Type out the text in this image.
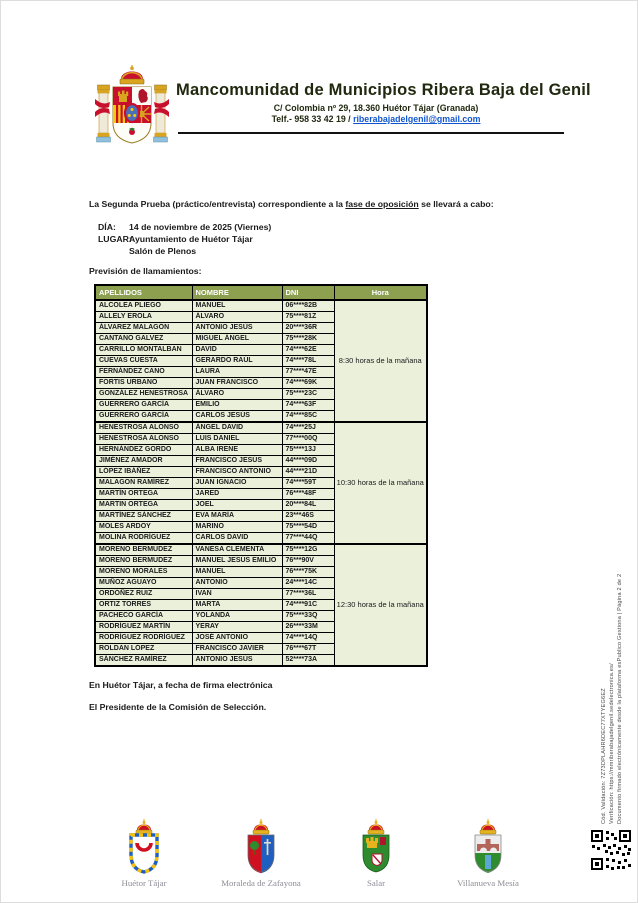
Mancomunidad de Municipios Ribera Baja del Genil
C/ Colombia nº 29, 18.360 Huétor Tájar (Granada)
Telf.- 958 33 42 19 / riberabajadelgenil@gmail.com
La Segunda Prueba (práctico/entrevista) correspondiente a la fase de oposición se llevará a cabo:
DÍA: 14 de noviembre de 2025 (Viernes)
LUGAR:
Ayuntamiento de Huétor Tájar
Salón de Plenos
Previsión de llamamientos:
APELLIDOS	NOMBRE	DNI	Hora
ALCOLEA PLIEGO	MANUEL	06****82B	8:30 horas de la mañana
ALLELY EROLA	ÁLVARO	75****81Z	
ÁLVAREZ MALAGÓN	ANTONIO JESÚS	20****36R	
CANTANO GALVEZ	MIGUEL ÁNGEL	75****28K	
CARRILLO MONTALBAN	DAVID	74****62E	
CUEVAS CUESTA	GERARDO RAÚL	74****78L	
FERNÁNDEZ CANO	LAURA	77****47E	
FORTIS URBANO	JUAN FRANCISCO	74****69K	
GONZÁLEZ HENESTROSA	ÁLVARO	75****23C	
GUERRERO GARCÍA	EMILIO	74****63F	
GUERRERO GARCÍA	CARLOS JESÚS	74****85C	
HENESTROSA ALONSO	ÁNGEL DAVID	74****25J	10:30 horas de la mañana
HENESTROSA ALONSO	LUIS DANIEL	77****00Q	
HERNÁNDEZ GORDO	ALBA IRENE	75****13J	
JIMÉNEZ AMADOR	FRANCISCO JESÚS	44****09D	
LÓPEZ IBÁÑEZ	FRANCISCO ANTONIO	44****21D	
MALAGON RAMÍREZ	JUAN IGNACIO	74****59T	
MARTÍN ORTEGA	JARED	76****48F	
MARTIN ORTEGA	JOEL	20****84L	
MARTÍNEZ SÁNCHEZ	EVA MARÍA	23***46S	
MOLES ARDOY	MARINO	75****54D	
MOLINA RODRÍGUEZ	CARLOS DAVID	77****44Q	
MORENO BERMUDEZ	VANESA CLEMENTA	75****12G	12:30 horas de la mañana
MORENO BERMUDEZ	MANUEL JESÚS EMILIO	76***90V	
MORENO MORALES	MANUEL	76****75K	
MUÑOZ AGUAYO	ANTONIO	24****14C	
ORDÓÑEZ RUIZ	IVAN	77****36L	
ORTIZ TORRES	MARTA	74****91C	
PACHECO GARCÍA	YOLANDA	75****33Q	
RODRÍGUEZ MARTÍN	YERAY	26****33M	
RODRÍGUEZ RODRÍGUEZ	JOSÉ ANTONIO	74****14Q	
ROLDAN LÓPEZ	FRANCISCO JAVIER	76****67T	
SÁNCHEZ RAMÍREZ	ANTONIO JESÚS	52****73A	
En Huétor Tájar, a fecha de firma electrónica
El Presidente de la Comisión de Selección.
Huétor Tájar	Moraleda de Zafayona	Salar	Villanueva Mesía
Cód. Validación: 7Z73DPLAHR6DEC77XTYEG6EZ Verificación: https://mmriberabajadelgenil.sedelectronica.es/ Documento firmado electrónicamente desde la plataforma esPublico Gestiona | Página 2 de 2
